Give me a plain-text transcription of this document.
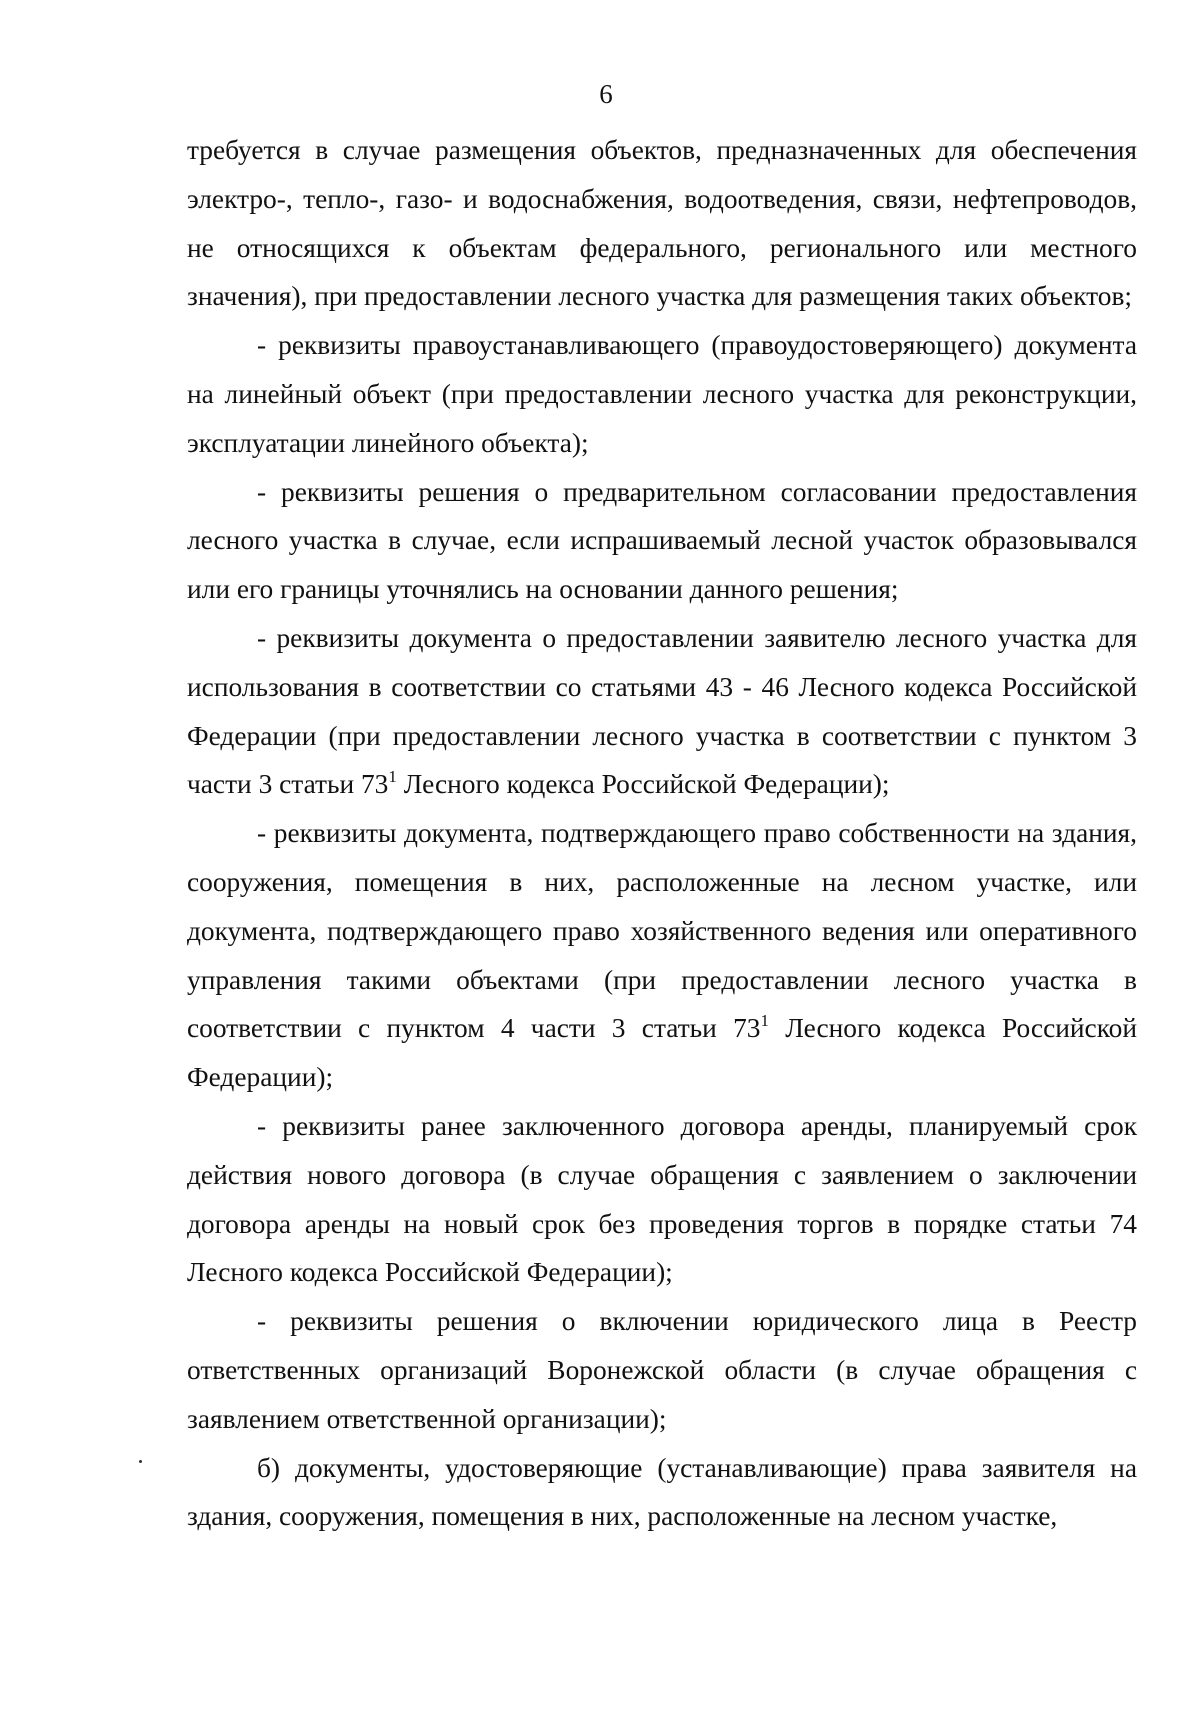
6

требуется в случае размещения объектов, предназначенных для обеспечения электро-, тепло-, газо- и водоснабжения, водоотведения, связи, нефтепроводов, не относящихся к объектам федерального, регионального или местного значения), при предоставлении лесного участка для размещения таких объектов;

- реквизиты правоустанавливающего (правоудостоверяющего) документа на линейный объект (при предоставлении лесного участка для реконструкции, эксплуатации линейного объекта);

- реквизиты решения о предварительном согласовании предоставления лесного участка в случае, если испрашиваемый лесной участок образовывался или его границы уточнялись на основании данного решения;

- реквизиты документа о предоставлении заявителю лесного участка для использования в соответствии со статьями 43 - 46 Лесного кодекса Российской Федерации (при предоставлении лесного участка в соответствии с пунктом 3 части 3 статьи $73^1$ Лесного кодекса Российской Федерации);

- реквизиты документа, подтверждающего право собственности на здания, сооружения, помещения в них, расположенные на лесном участке, или документа, подтверждающего право хозяйственного ведения или оперативного управления такими объектами (при предоставлении лесного участка в соответствии с пунктом 4 части 3 статьи $73^1$ Лесного кодекса Российской Федерации);

- реквизиты ранее заключенного договора аренды, планируемый срок действия нового договора (в случае обращения с заявлением о заключении договора аренды на новый срок без проведения торгов в порядке статьи 74 Лесного кодекса Российской Федерации);

- реквизиты решения о включении юридического лица в Реестр ответственных организаций Воронежской области (в случае обращения с заявлением ответственной организации);

б) документы, удостоверяющие (устанавливающие) права заявителя на здания, сооружения, помещения в них, расположенные на лесном участке,
